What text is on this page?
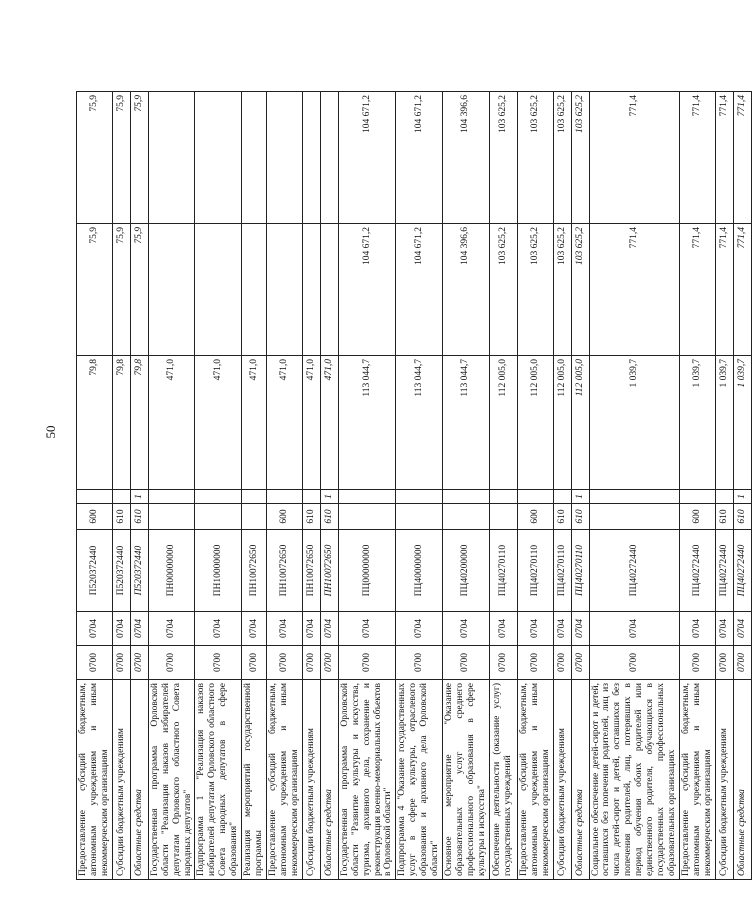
50
Предоставление субсидий бюджетным, автономным учреждениям и иным некоммерческим организациям	0700	0704	П520372440	600		79,8	75,9	75,9
Субсидии бюджетным учреждениям	0700	0704	П520372440	610		79,8	75,9	75,9
Областные средства	0700	0704	П520372440	610	1	79,8	75,9	75,9
Государственная программа Орловской области "Реализация наказов избирателей депутатам Орловского областного Совета народных депутатов"	0700	0704	ПН00000000			471,0		
Подпрограмма 1 "Реализация наказов избирателей депутатам Орловского областного Совета народных депутатов в сфере образования"	0700	0704	ПН10000000			471,0		
Реализация мероприятий государственной программы	0700	0704	ПН10072650			471,0		
Предоставление субсидий бюджетным, автономным учреждениям и иным некоммерческим организациям	0700	0704	ПН10072650	600		471,0		
Субсидии бюджетным учреждениям	0700	0704	ПН10072650	610		471,0		
Областные средства	0700	0704	ПН10072650	610	1	471,0		
Государственная программа Орловской области "Развитие культуры и искусства, туризма, архивного дела, сохранение и реконструкция военно-мемориальных объектов в Орловской области"	0700	0704	ПЦ00000000			113 044,7	104 671,2	104 671,2
Подпрограмма 4 "Оказание государственных услуг в сфере культуры, отраслевого образования и архивного дела Орловской области"	0700	0704	ПЦ40000000			113 044,7	104 671,2	104 671,2
Основное мероприятие "Оказание образовательных услуг среднего профессионального образования в сфере культуры и искусства"	0700	0704	ПЦ40200000			113 044,7	104 396,6	104 396,6
Обеспечение деятельности (оказание услуг) государственных учреждений	0700	0704	ПЦ40270110			112 005,0	103 625,2	103 625,2
Предоставление субсидий бюджетным, автономным учреждениям и иным некоммерческим организациям	0700	0704	ПЦ40270110	600		112 005,0	103 625,2	103 625,2
Субсидии бюджетным учреждениям	0700	0704	ПЦ40270110	610		112 005,0	103 625,2	103 625,2
Областные средства	0700	0704	ПЦ40270110	610	1	112 005,0	103 625,2	103 625,2
Социальное обеспечение детей-сирот и детей, оставшихся без попечения родителей, лиц из числа детей-сирот и детей, оставшихся без попечения родителей, лиц, потерявших в период обучения обоих родителей или единственного родителя, обучающихся в государственных профессиональных образовательных организациях	0700	0704	ПЦ40272440			1 039,7	771,4	771,4
Предоставление субсидий бюджетным, автономным учреждениям и иным некоммерческим организациям	0700	0704	ПЦ40272440	600		1 039,7	771,4	771,4
Субсидии бюджетным учреждениям	0700	0704	ПЦ40272440	610		1 039,7	771,4	771,4
Областные средства	0700	0704	ПЦ40272440	610	1	1 039,7	771,4	771,4
